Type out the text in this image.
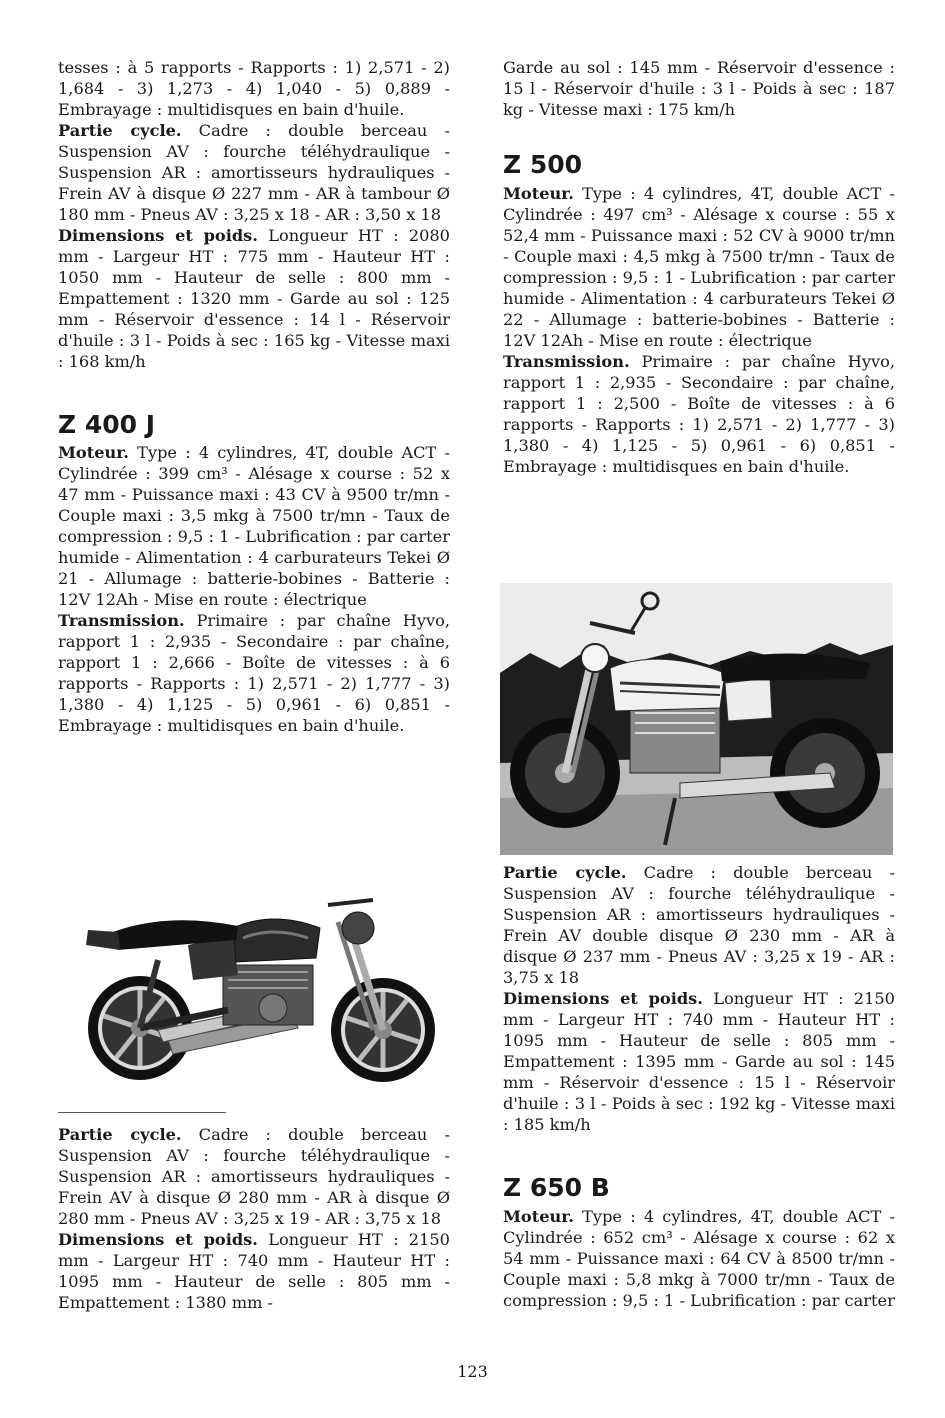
tesses : à 5 rapports - Rapports : 1) 2,571 - 2) 1,684 - 3) 1,273 - 4) 1,040 - 5) 0,889 - Embrayage : multidisques en bain d'huile.

Partie cycle. Cadre : double berceau - Suspension AV : fourche téléhydraulique - Suspension AR : amortisseurs hydrauliques - Frein AV à disque Ø 227 mm - AR à tambour Ø 180 mm - Pneus AV : 3,25 x 18 - AR : 3,50 x 18

Dimensions et poids. Longueur HT : 2080 mm - Largeur HT : 775 mm - Hauteur HT : 1050 mm - Hauteur de selle : 800 mm - Empattement : 1320 mm - Garde au sol : 125 mm - Réservoir d'essence : 14 l - Réservoir d'huile : 3 l - Poids à sec : 165 kg - Vitesse maxi : 168 km/h

Z 400 J

Moteur. Type : 4 cylindres, 4T, double ACT - Cylindrée : 399 cm³ - Alésage x course : 52 x 47 mm - Puissance maxi : 43 CV à 9500 tr/mn - Couple maxi : 3,5 mkg à 7500 tr/mn - Taux de compression : 9,5 : 1 - Lubrification : par carter humide - Alimentation : 4 carburateurs Tekei Ø 21 - Allumage : batterie-bobines - Batterie : 12V 12Ah - Mise en route : électrique

Transmission. Primaire : par chaîne Hyvo, rapport 1 : 2,935 - Secondaire : par chaîne, rapport 1 : 2,666 - Boîte de vitesses : à 6 rapports - Rapports : 1) 2,571 - 2) 1,777 - 3) 1,380 - 4) 1,125 - 5) 0,961 - 6) 0,851 - Embrayage : multidisques en bain d'huile.

Partie cycle. Cadre : double berceau - Suspension AV : fourche téléhydraulique - Suspension AR : amortisseurs hydrauliques - Frein AV à disque Ø 280 mm - AR à disque Ø 280 mm - Pneus AV : 3,25 x 19 - AR : 3,75 x 18

Dimensions et poids. Longueur HT : 2150 mm - Largeur HT : 740 mm - Hauteur HT : 1095 mm - Hauteur de selle : 805 mm - Empattement : 1380 mm -

Garde au sol : 145 mm - Réservoir d'essence : 15 l - Réservoir d'huile : 3 l - Poids à sec : 187 kg - Vitesse maxi : 175 km/h

Z 500

Moteur. Type : 4 cylindres, 4T, double ACT - Cylindrée : 497 cm³ - Alésage x course : 55 x 52,4 mm - Puissance maxi : 52 CV à 9000 tr/mn - Couple maxi : 4,5 mkg à 7500 tr/mn - Taux de compression : 9,5 : 1 - Lubrification : par carter humide - Alimentation : 4 carburateurs Tekei Ø 22 - Allumage : batterie-bobines - Batterie : 12V 12Ah - Mise en route : électrique

Transmission. Primaire : par chaîne Hyvo, rapport 1 : 2,935 - Secondaire : par chaîne, rapport 1 : 2,500 - Boîte de vitesses : à 6 rapports - Rapports : 1) 2,571 - 2) 1,777 - 3) 1,380 - 4) 1,125 - 5) 0,961 - 6) 0,851 - Embrayage : multidisques en bain d'huile.

Partie cycle. Cadre : double berceau - Suspension AV : fourche téléhydraulique - Suspension AR : amortisseurs hydrauliques - Frein AV double disque Ø 230 mm - AR à disque Ø 237 mm - Pneus AV : 3,25 x 19 - AR : 3,75 x 18

Dimensions et poids. Longueur HT : 2150 mm - Largeur HT : 740 mm - Hauteur HT : 1095 mm - Hauteur de selle : 805 mm - Empattement : 1395 mm - Garde au sol : 145 mm - Réservoir d'essence : 15 l - Réservoir d'huile : 3 l - Poids à sec : 192 kg - Vitesse maxi : 185 km/h

Z 650 B

Moteur. Type : 4 cylindres, 4T, double ACT - Cylindrée : 652 cm³ - Alésage x course : 62 x 54 mm - Puissance maxi : 64 CV à 8500 tr/mn - Couple maxi : 5,8 mkg à 7000 tr/mn - Taux de compression : 9,5 : 1 - Lubrification : par carter

123
